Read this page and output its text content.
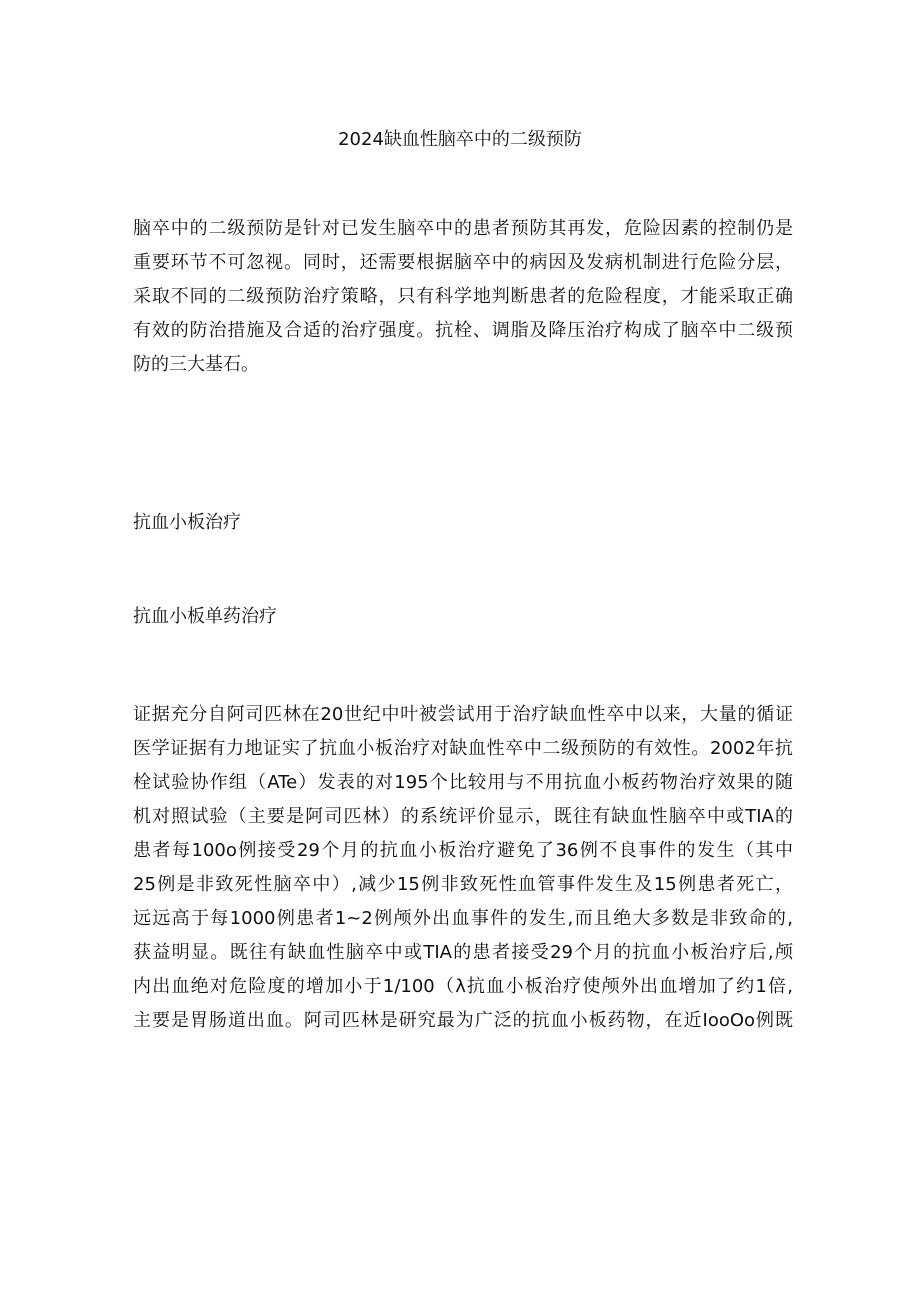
2024缺血性脑卒中的二级预防
脑卒中的二级预防是针对已发生脑卒中的患者预防其再发，危险因素的控制仍是
重要环节不可忽视。同时，还需要根据脑卒中的病因及发病机制进行危险分层，
采取不同的二级预防治疗策略，只有科学地判断患者的危险程度，才能采取正确
有效的防治措施及合适的治疗强度。抗栓、调脂及降压治疗构成了脑卒中二级预
防的三大基石。
抗血小板治疗
抗血小板单药治疗
证据充分自阿司匹林在20世纪中叶被尝试用于治疗缺血性卒中以来，大量的循证
医学证据有力地证实了抗血小板治疗对缺血性卒中二级预防的有效性。2002年抗
栓试验协作组（ATe）发表的对195个比较用与不用抗血小板药物治疗效果的随
机对照试验（主要是阿司匹林）的系统评价显示，既往有缺血性脑卒中或TIA的
患者每100o例接受29个月的抗血小板治疗避免了36例不良事件的发生（其中
25例是非致死性脑卒中）,减少15例非致死性血管事件发生及15例患者死亡，
远远高于每1000例患者1~2例颅外出血事件的发生,而且绝大多数是非致命的,
获益明显。既往有缺血性脑卒中或TIA的患者接受29个月的抗血小板治疗后,颅
内出血绝对危险度的增加小于1/100（λ抗血小板治疗使颅外出血增加了约1倍,
主要是胃肠道出血。阿司匹林是研究最为广泛的抗血小板药物，在近IooOo例既
